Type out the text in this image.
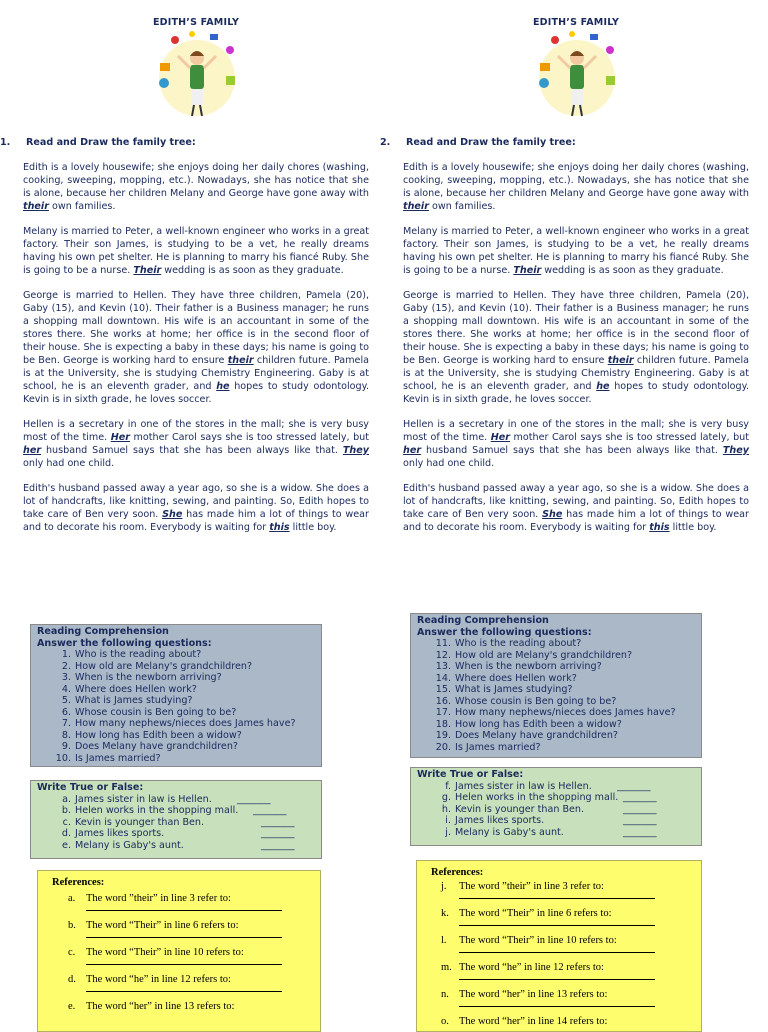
EDITH’S FAMILY
1. Read and Draw the family tree:

Edith is a lovely housewife; she enjoys doing her daily chores (washing, cooking, sweeping, mopping, etc.). Nowadays, she has notice that she is alone, because her children Melany and George have gone away with their own families.

Melany is married to Peter, a well-known engineer who works in a great factory. Their son James, is studying to be a vet, he really dreams having his own pet shelter. He is planning to marry his fiancé Ruby. She is going to be a nurse. Their wedding is as soon as they graduate.

George is married to Hellen. They have three children, Pamela (20), Gaby (15), and Kevin (10). Their father is a Business manager; he runs a shopping mall downtown. His wife is an accountant in some of the stores there. She works at home; her office is in the second floor of their house. She is expecting a baby in these days; his name is going to be Ben. George is working hard to ensure their children future. Pamela is at the University, she is studying Chemistry Engineering. Gaby is at school, he is an eleventh grader, and he hopes to study odontology. Kevin is in sixth grade, he loves soccer.

Hellen is a secretary in one of the stores in the mall; she is very busy most of the time. Her mother Carol says she is too stressed lately, but her husband Samuel says that she has been always like that. They only had one child.

Edith's husband passed away a year ago, so she is a widow. She does a lot of handcrafts, like knitting, sewing, and painting. So, Edith hopes to take care of Ben very soon. She has made him a lot of things to wear and to decorate his room. Everybody is waiting for this little boy.

Reading Comprehension
Answer the following questions:
1. Who is the reading about?
2. How old are Melany's grandchildren?
3. When is the newborn arriving?
4. Where does Hellen work?
5. What is James studying?
6. Whose cousin is Ben going to be?
7. How many nephews/nieces does James have?
8. How long has Edith been a widow?
9. Does Melany have grandchildren?
10. Is James married?
Write True or False:
a. James sister in law is Hellen.	_______
b. Helen works in the shopping mall. _______
c. Kevin is younger than Ben.	_______
d. James likes sports.	_______
e. Melany is Gaby's aunt.	_______
References:
a. The word ”their” in line 3 refer to:
b. The word “Their” in line 6 refers to:
c. The word “Their” in line 10 refers to:
d. The word “he” in line 12 refers to:
e. The word “her” in line 13 refers to:
EDITH’S FAMILY
2. Read and Draw the family tree:

Edith is a lovely housewife; she enjoys doing her daily chores (washing, cooking, sweeping, mopping, etc.). Nowadays, she has notice that she is alone, because her children Melany and George have gone away with their own families.

Melany is married to Peter, a well-known engineer who works in a great factory. Their son James, is studying to be a vet, he really dreams having his own pet shelter. He is planning to marry his fiancé Ruby. She is going to be a nurse. Their wedding is as soon as they graduate.

George is married to Hellen. They have three children, Pamela (20), Gaby (15), and Kevin (10). Their father is a Business manager; he runs a shopping mall downtown. His wife is an accountant in some of the stores there. She works at home; her office is in the second floor of their house. She is expecting a baby in these days; his name is going to be Ben. George is working hard to ensure their children future. Pamela is at the University, she is studying Chemistry Engineering. Gaby is at school, he is an eleventh grader, and he hopes to study odontology. Kevin is in sixth grade, he loves soccer.

Hellen is a secretary in one of the stores in the mall; she is very busy most of the time. Her mother Carol says she is too stressed lately, but her husband Samuel says that she has been always like that. They only had one child.

Edith's husband passed away a year ago, so she is a widow. She does a lot of handcrafts, like knitting, sewing, and painting. So, Edith hopes to take care of Ben very soon. She has made him a lot of things to wear and to decorate his room. Everybody is waiting for this little boy.

Reading Comprehension
Answer the following questions:
11. Who is the reading about?
12. How old are Melany's grandchildren?
13. When is the newborn arriving?
14. Where does Hellen work?
15. What is James studying?
16. Whose cousin is Ben going to be?
17. How many nephews/nieces does James have?
18. How long has Edith been a widow?
19. Does Melany have grandchildren?
20. Is James married?
Write True or False:
f. James sister in law is Hellen.	_______
g. Helen works in the shopping mall. _______
h. Kevin is younger than Ben.	_______
i. James likes sports.	_______
j. Melany is Gaby's aunt.	_______
References:
j. The word ”their” in line 3 refer to:
k. The word “Their” in line 6 refers to:
l. The word “Their” in line 10 refers to:
m. The word “he” in line 12 refers to:
n. The word “her” in line 13 refers to:
o. The word “her” in line 14 refers to:
